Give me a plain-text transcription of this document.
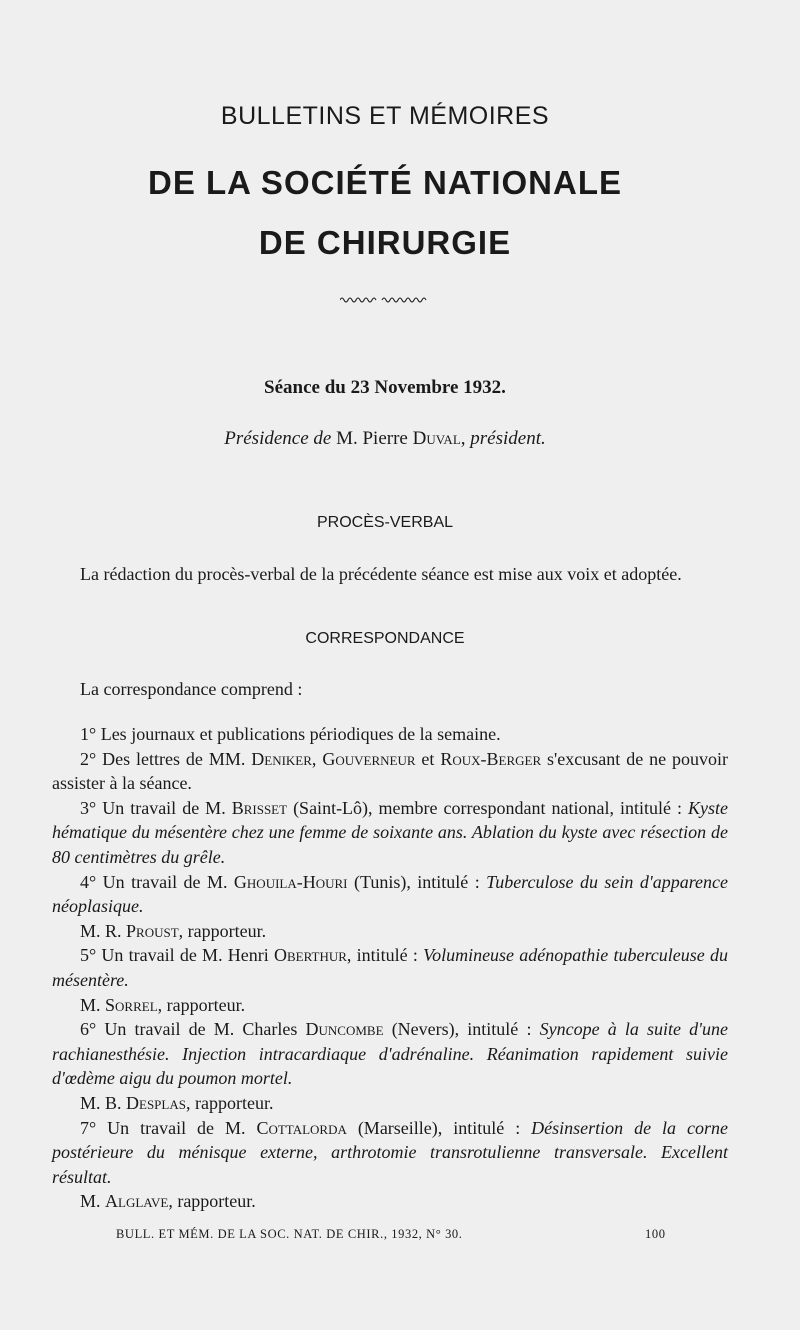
BULLETINS ET MÉMOIRES
DE LA SOCIÉTÉ NATIONALE
DE CHIRURGIE
Séance du 23 Novembre 1932.
Présidence de M. Pierre Duval, président.
PROCÈS-VERBAL

La rédaction du procès-verbal de la précédente séance est mise aux voix et adoptée.

CORRESPONDANCE

La correspondance comprend :

1° Les journaux et publications périodiques de la semaine.

2° Des lettres de MM. Deniker, Gouverneur et Roux-Berger s'excusant de ne pouvoir assister à la séance.

3° Un travail de M. Brisset (Saint-Lô), membre correspondant national, intitulé : Kyste hématique du mésentère chez une femme de soixante ans. Ablation du kyste avec résection de 80 centimètres du grêle.

4° Un travail de M. Ghouila-Houri (Tunis), intitulé : Tuberculose du sein d'apparence néoplasique.

M. R. Proust, rapporteur.

5° Un travail de M. Henri Oberthur, intitulé : Volumineuse adénopathie tuberculeuse du mésentère.

M. Sorrel, rapporteur.

6° Un travail de M. Charles Duncombe (Nevers), intitulé : Syncope à la suite d'une rachianesthésie. Injection intracardiaque d'adrénaline. Réanimation rapidement suivie d'œdème aigu du poumon mortel.

M. B. Desplas, rapporteur.

7° Un travail de M. Cottalorda (Marseille), intitulé : Désinsertion de la corne postérieure du ménisque externe, arthrotomie transrotulienne transversale. Excellent résultat.

M. Alglave, rapporteur.

BULL. ET MÉM. DE LA SOC. NAT. DE CHIR., 1932, N° 30.	100
